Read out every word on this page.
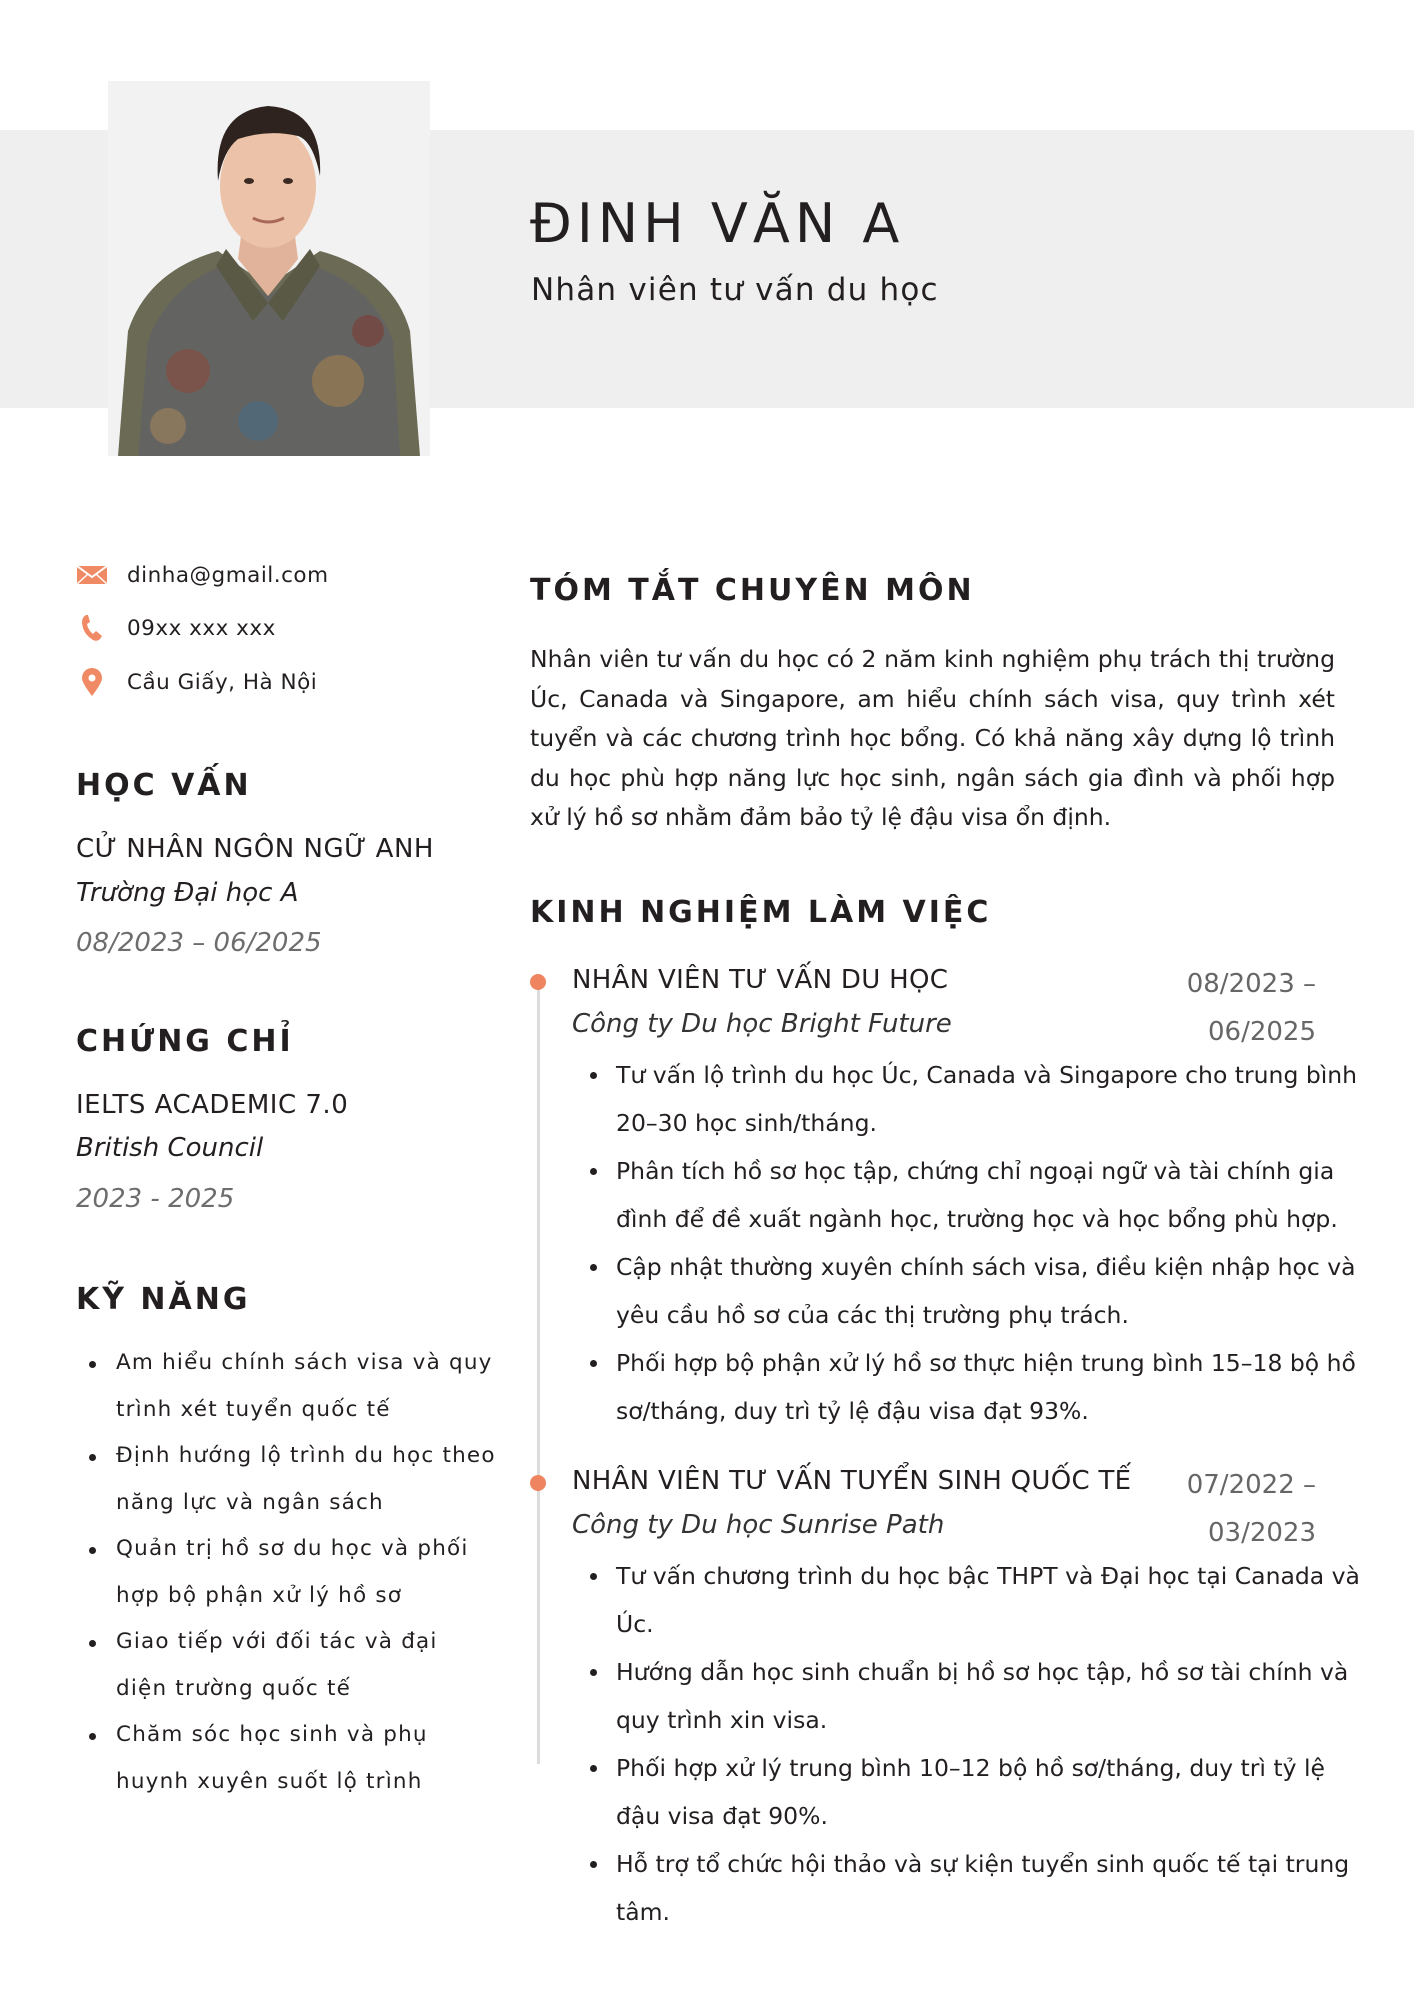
ĐINH VĂN A
Nhân viên tư vấn du học
dinha@gmail.com
09xx xxx xxx
Cầu Giấy, Hà Nội
HỌC VẤN
CỬ NHÂN NGÔN NGỮ ANH
Trường Đại học A
08/2023 – 06/2025
CHỨNG CHỈ
IELTS ACADEMIC 7.0
British Council
2023 - 2025
KỸ NĂNG
Am hiểu chính sách visa và quy trình xét tuyển quốc tế
Định hướng lộ trình du học theo năng lực và ngân sách
Quản trị hồ sơ du học và phối hợp bộ phận xử lý hồ sơ
Giao tiếp với đối tác và đại diện trường quốc tế
Chăm sóc học sinh và phụ huynh xuyên suốt lộ trình
TÓM TẮT CHUYÊN MÔN
Nhân viên tư vấn du học có 2 năm kinh nghiệm phụ trách thị trường Úc, Canada và Singapore, am hiểu chính sách visa, quy trình xét tuyển và các chương trình học bổng. Có khả năng xây dựng lộ trình du học phù hợp năng lực học sinh, ngân sách gia đình và phối hợp xử lý hồ sơ nhằm đảm bảo tỷ lệ đậu visa ổn định.
KINH NGHIỆM LÀM VIỆC
NHÂN VIÊN TƯ VẤN DU HỌC
Công ty Du học Bright Future
08/2023 –
06/2025
Tư vấn lộ trình du học Úc, Canada và Singapore cho trung bình 20–30 học sinh/tháng.
Phân tích hồ sơ học tập, chứng chỉ ngoại ngữ và tài chính gia đình để đề xuất ngành học, trường học và học bổng phù hợp.
Cập nhật thường xuyên chính sách visa, điều kiện nhập học và yêu cầu hồ sơ của các thị trường phụ trách.
Phối hợp bộ phận xử lý hồ sơ thực hiện trung bình 15–18 bộ hồ sơ/tháng, duy trì tỷ lệ đậu visa đạt 93%.
NHÂN VIÊN TƯ VẤN TUYỂN SINH QUỐC TẾ
Công ty Du học Sunrise Path
07/2022 –
03/2023
Tư vấn chương trình du học bậc THPT và Đại học tại Canada và Úc.
Hướng dẫn học sinh chuẩn bị hồ sơ học tập, hồ sơ tài chính và quy trình xin visa.
Phối hợp xử lý trung bình 10–12 bộ hồ sơ/tháng, duy trì tỷ lệ đậu visa đạt 90%.
Hỗ trợ tổ chức hội thảo và sự kiện tuyển sinh quốc tế tại trung tâm.
